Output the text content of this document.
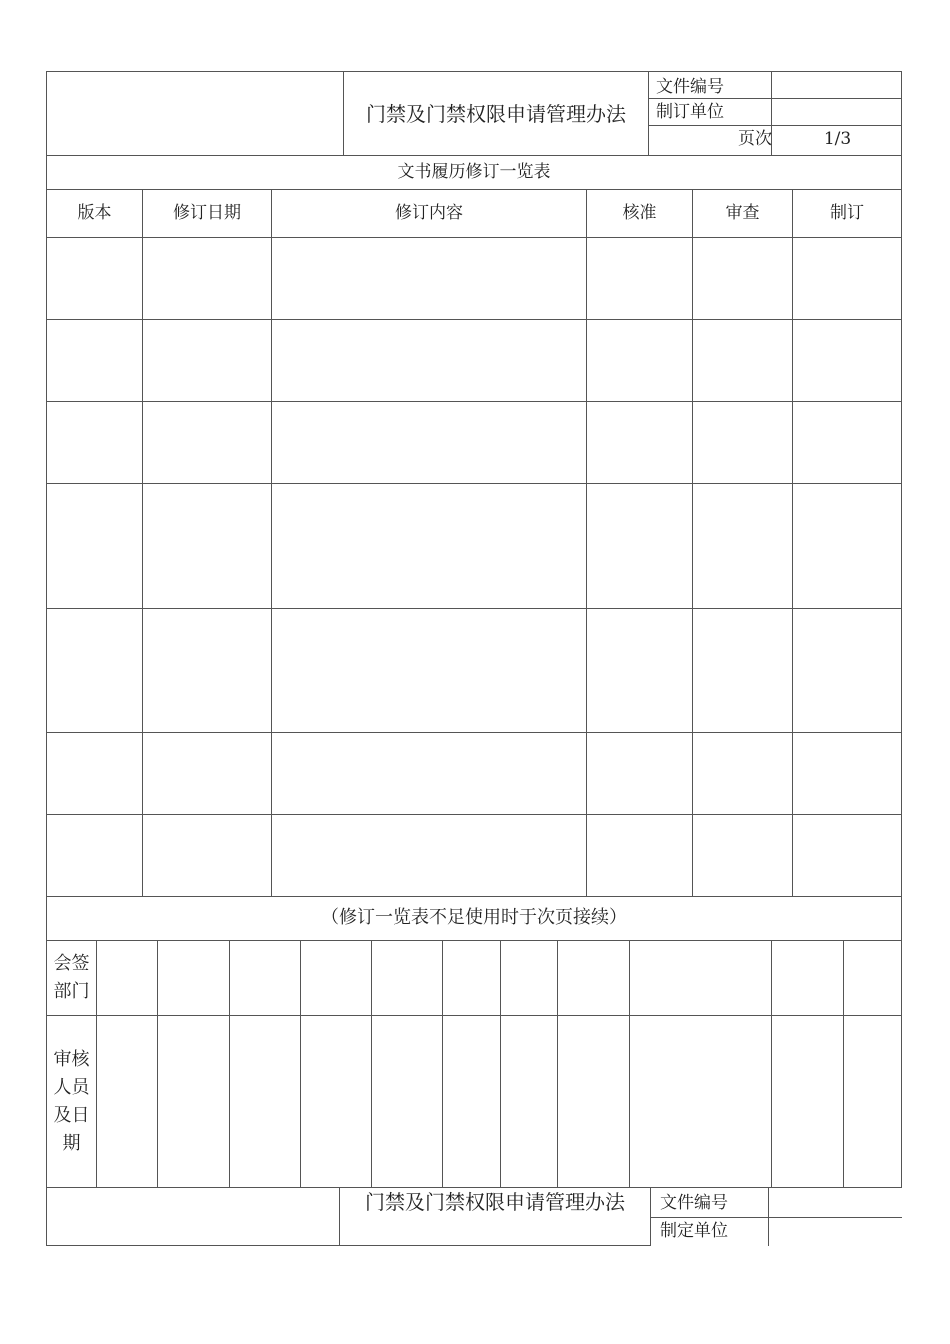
门禁及门禁权限申请管理办法
文件编号
制订单位
页次	1/3
文书履历修订一览表
版本	修订日期	修订内容	核准	审查	制订
（修订一览表不足使用时于次页接续）
会签
部门
审核
人员
及日
期
门禁及门禁权限申请管理办法	文件编号
制定单位
